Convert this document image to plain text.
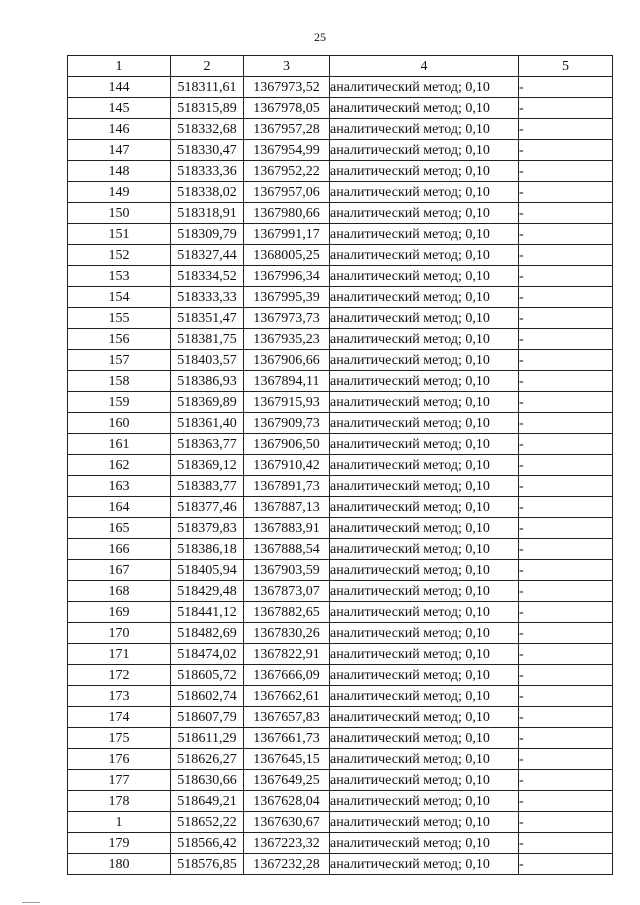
25
1	2	3	4	5
144	518311,61	1367973,52	аналитический метод; 0,10	-
145	518315,89	1367978,05	аналитический метод; 0,10	-
146	518332,68	1367957,28	аналитический метод; 0,10	-
147	518330,47	1367954,99	аналитический метод; 0,10	-
148	518333,36	1367952,22	аналитический метод; 0,10	-
149	518338,02	1367957,06	аналитический метод; 0,10	-
150	518318,91	1367980,66	аналитический метод; 0,10	-
151	518309,79	1367991,17	аналитический метод; 0,10	-
152	518327,44	1368005,25	аналитический метод; 0,10	-
153	518334,52	1367996,34	аналитический метод; 0,10	-
154	518333,33	1367995,39	аналитический метод; 0,10	-
155	518351,47	1367973,73	аналитический метод; 0,10	-
156	518381,75	1367935,23	аналитический метод; 0,10	-
157	518403,57	1367906,66	аналитический метод; 0,10	-
158	518386,93	1367894,11	аналитический метод; 0,10	-
159	518369,89	1367915,93	аналитический метод; 0,10	-
160	518361,40	1367909,73	аналитический метод; 0,10	-
161	518363,77	1367906,50	аналитический метод; 0,10	-
162	518369,12	1367910,42	аналитический метод; 0,10	-
163	518383,77	1367891,73	аналитический метод; 0,10	-
164	518377,46	1367887,13	аналитический метод; 0,10	-
165	518379,83	1367883,91	аналитический метод; 0,10	-
166	518386,18	1367888,54	аналитический метод; 0,10	-
167	518405,94	1367903,59	аналитический метод; 0,10	-
168	518429,48	1367873,07	аналитический метод; 0,10	-
169	518441,12	1367882,65	аналитический метод; 0,10	-
170	518482,69	1367830,26	аналитический метод; 0,10	-
171	518474,02	1367822,91	аналитический метод; 0,10	-
172	518605,72	1367666,09	аналитический метод; 0,10	-
173	518602,74	1367662,61	аналитический метод; 0,10	-
174	518607,79	1367657,83	аналитический метод; 0,10	-
175	518611,29	1367661,73	аналитический метод; 0,10	-
176	518626,27	1367645,15	аналитический метод; 0,10	-
177	518630,66	1367649,25	аналитический метод; 0,10	-
178	518649,21	1367628,04	аналитический метод; 0,10	-
1	518652,22	1367630,67	аналитический метод; 0,10	-
179	518566,42	1367223,32	аналитический метод; 0,10	-
180	518576,85	1367232,28	аналитический метод; 0,10	-
